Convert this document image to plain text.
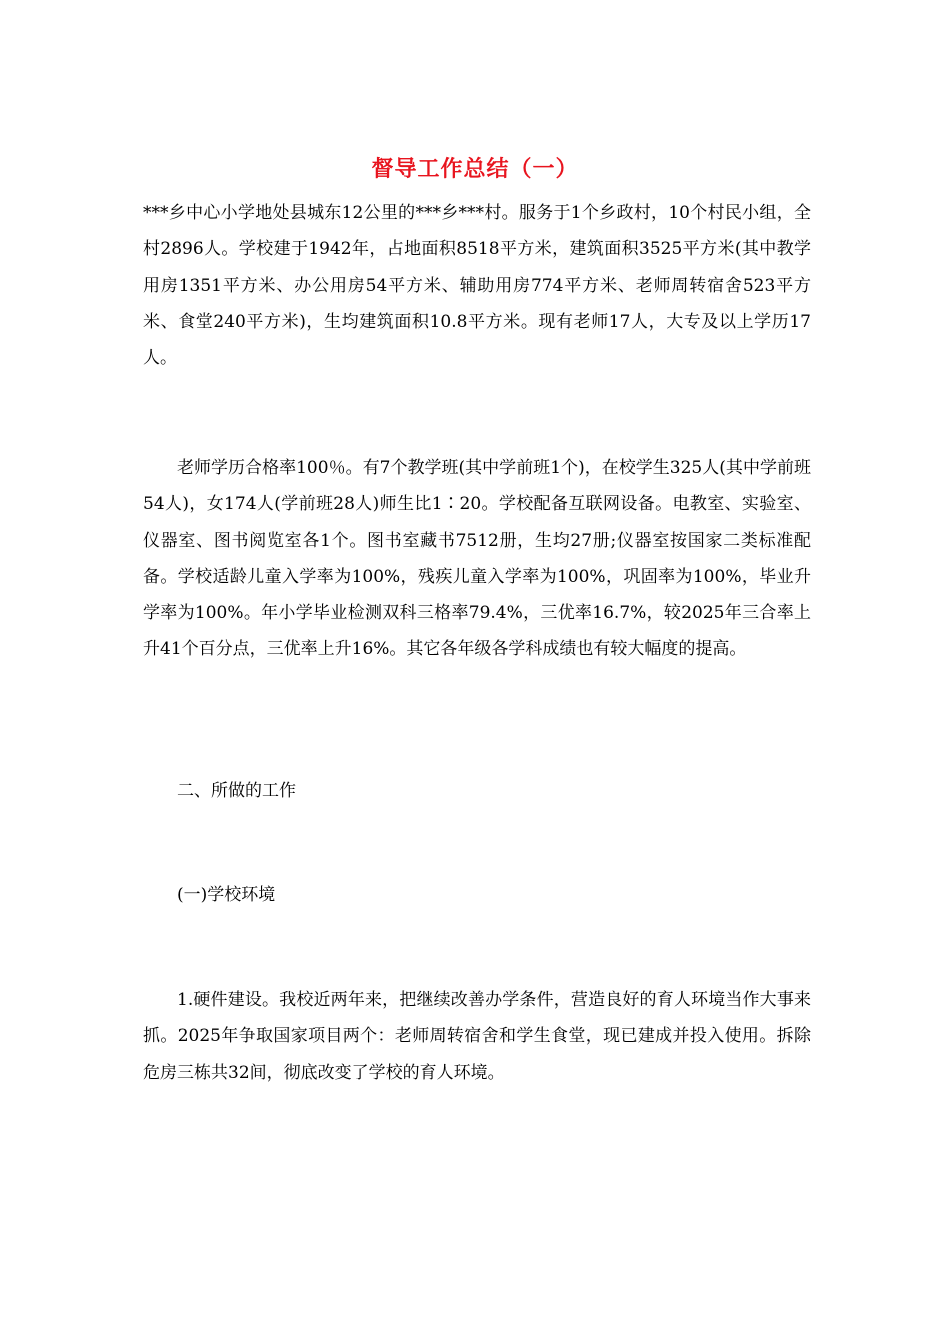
督导工作总结（一）
***乡中心小学地处县城东12公里的***乡***村。服务于1个乡政村，10个村民小组，全村2896人。学校建于1942年，占地面积8518平方米，建筑面积3525平方米(其中教学用房1351平方米、办公用房54平方米、辅助用房774平方米、老师周转宿舍523平方米、食堂240平方米)，生均建筑面积10.8平方米。现有老师17人，大专及以上学历17人。
老师学历合格率100％。有7个教学班(其中学前班1个)，在校学生325人(其中学前班54人)，女174人(学前班28人)师生比1∶20。学校配备互联网设备。电教室、实验室、仪器室、图书阅览室各1个。图书室藏书7512册，生均27册;仪器室按国家二类标准配备。学校适龄儿童入学率为100%，残疾儿童入学率为100%，巩固率为100%，毕业升学率为100%。年小学毕业检测双科三格率79.4%，三优率16.7%，较2025年三合率上升41个百分点，三优率上升16%。其它各年级各学科成绩也有较大幅度的提高。
二、所做的工作
(一)学校环境
1.硬件建设。我校近两年来，把继续改善办学条件，营造良好的育人环境当作大事来抓。2025年争取国家项目两个：老师周转宿舍和学生食堂，现已建成并投入使用。拆除危房三栋共32间，彻底改变了学校的育人环境。
